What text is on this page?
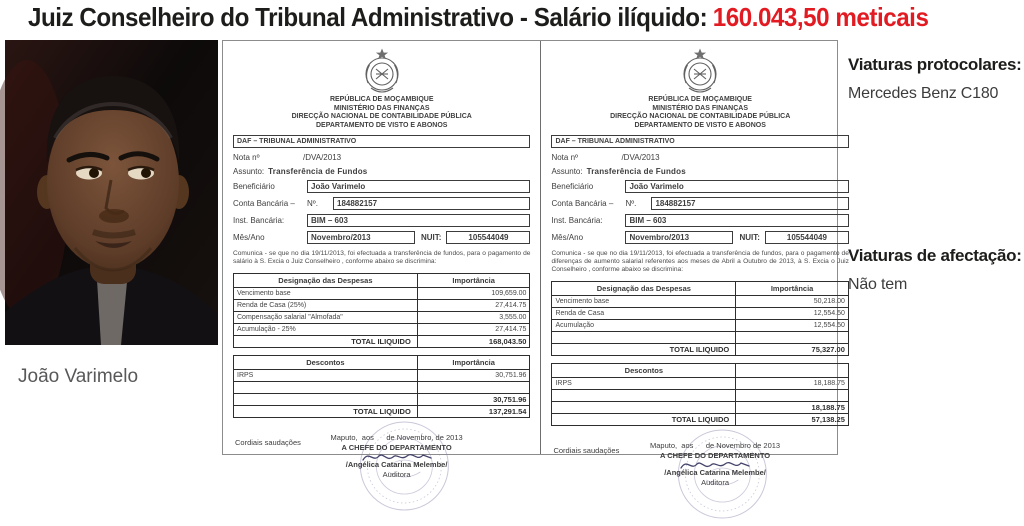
Juiz Conselheiro do Tribunal Administrativo - Salário ilíquido: 160.043,50 meticais
João Varimelo
REPÚBLICA DE MOÇAMBIQUE
MINISTÉRIO DAS FINANÇAS
DIRECÇÃO NACIONAL DE CONTABILIDADE PÚBLICA
DEPARTAMENTO DE VISTO E ABONOS
DAF – TRIBUNAL ADMINISTRATIVO
Nota nº	/DVA/2013
Assunto: Transferência de Fundos
Beneficiário	João Varimelo
Conta Bancária –	Nº.	184882157
Inst. Bancária:	BIM – 603
Mês/Ano	Novembro/2013	NUIT:	105544049
Comunica - se que no dia 19/11/2013, foi efectuada a transferência de fundos, para o pagamento de salário à S. Excia o Juiz Conselheiro , conforme abaixo se discrimina:
Designação das Despesas	Importância
Vencimento base	109,659.00
Renda de Casa (25%)	27,414.75
Compensação salarial "Almofada"	3,555.00
Acumulação - 25%	27,414.75
TOTAL ILIQUIDO	168,043.50
Descontos	Importância
IRPS	30,751.96

	30,751.96
TOTAL LIQUIDO	137,291.54
Cordiais saudações
Maputo,  aos      de Novembro, de 2013
A CHEFE DO DEPARTAMENTO
/Angélica Catarina Melembe/
Auditora
REPÚBLICA DE MOÇAMBIQUE
MINISTÉRIO DAS FINANÇAS
DIRECÇÃO NACIONAL DE CONTABILIDADE PÚBLICA
DEPARTAMENTO DE VISTO E ABONOS
DAF – TRIBUNAL ADMINISTRATIVO
Nota nº	/DVA/2013
Assunto: Transferência de Fundos
Beneficiário	João Varimelo
Conta Bancária –	Nº.	184882157
Inst. Bancária:	BIM – 603
Mês/Ano	Novembro/2013	NUIT:	105544049
Comunica - se que no dia 19/11/2013, foi efectuada a transferência de fundos, para o pagamento de diferenças de aumento salarial referentes aos meses de Abril a Outubro de 2013, à S. Excia o Juiz Conselheiro , conforme abaixo se discrimina:
Designação das Despesas	Importância
Vencimento base	50,218.00
Renda de Casa	12,554.50
Acumulação	12,554.50

TOTAL ILIQUIDO	75,327.00
Descontos	
IRPS	18,188.75

	18,188.75
TOTAL LIQUIDO	57,138.25
Cordiais saudações
Maputo,  aos      de Novembro de 2013
A CHEFE DO DEPARTAMENTO
/Angélica Catarina Melembe/
Auditora
Viaturas protocolares:
Mercedes Benz C180
Viaturas de afectação:
Não tem
